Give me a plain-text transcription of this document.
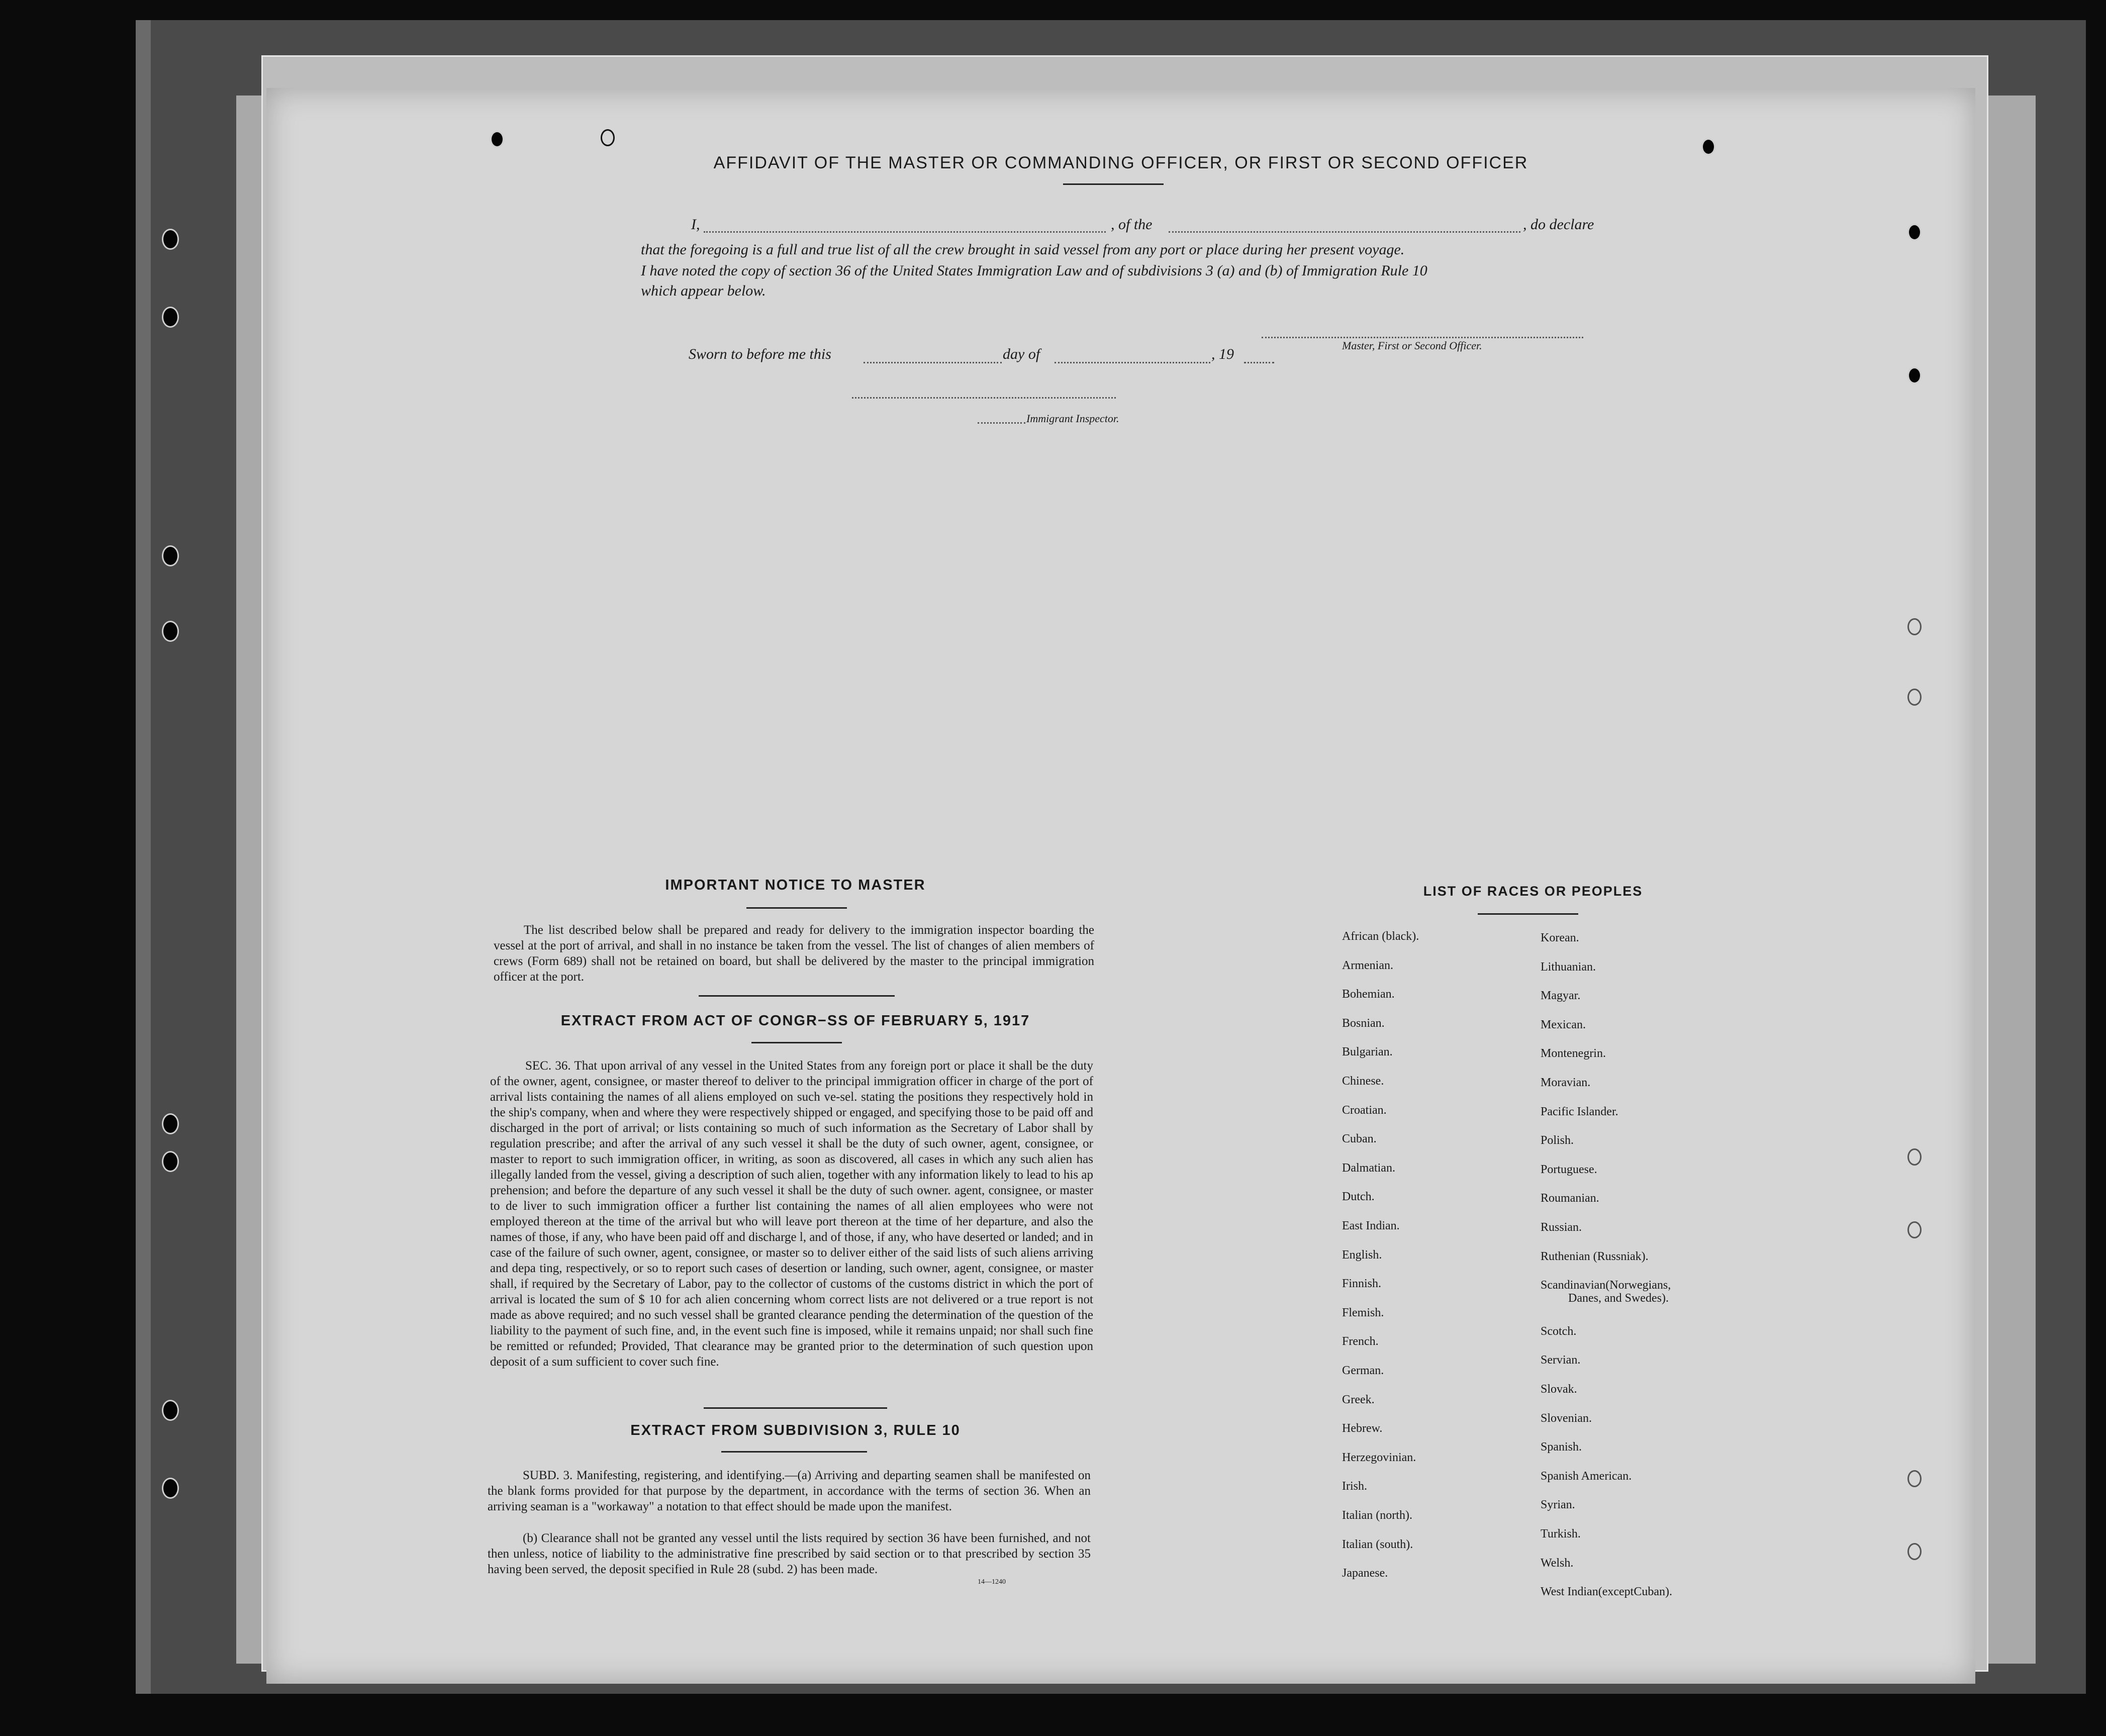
AFFIDAVIT OF THE MASTER OR COMMANDING OFFICER, OR FIRST OR SECOND OFFICER
I,	, of the	, do declare
that the foregoing is a full and true list of all the crew brought in said vessel from any port or place during her present voyage.
I have noted the copy of section 36 of the United States Immigration Law and of subdivisions 3 (a) and (b) of Immigration Rule 10
which appear below.
Master, First or Second Officer.
Sworn to before me this	day of	, 19
Immigrant Inspector.
IMPORTANT NOTICE TO MASTER
The list described below shall be prepared and ready for delivery to the immigration inspector boarding the vessel at the port of arrival, and shall in no instance be taken from the vessel. The list of changes of alien members of crews (Form 689) shall not be retained on board, but shall be delivered by the master to the principal immigration officer at the port.
EXTRACT FROM ACT OF CONGR−SS OF FEBRUARY 5, 1917
SEC. 36. That upon arrival of any vessel in the United States from any foreign port or place it shall be the duty of the owner, agent, consignee, or master thereof to deliver to the principal immigration officer in charge of the port of arrival lists containing the names of all aliens employed on such ve-sel. stating the positions they respectively hold in the ship's company, when and where they were respectively shipped or engaged, and specifying those to be paid off and discharged in the port of arrival; or lists containing so much of such information as the Secretary of Labor shall by regulation prescribe; and after the arrival of any such vessel it shall be the duty of such owner, agent, consignee, or master to report to such immigration officer, in writing, as soon as discovered, all cases in which any such alien has illegally landed from the vessel, giving a description of such alien, together with any information likely to lead to his ap prehension; and before the departure of any such vessel it shall be the duty of such owner. agent, consignee, or master to de liver to such immigration officer a further list containing the names of all alien employees who were not employed thereon at the time of the arrival but who will leave port thereon at the time of her departure, and also the names of those, if any, who have been paid off and discharge l, and of those, if any, who have deserted or landed; and in case of the failure of such owner, agent, consignee, or master so to deliver either of the said lists of such aliens arriving and depa ting, respectively, or so to report such cases of desertion or landing, such owner, agent, consignee, or master shall, if required by the Secretary of Labor, pay to the collector of customs of the customs district in which the port of arrival is located the sum of $ 10 for ach alien concerning whom correct lists are not delivered or a true report is not made as above required; and no such vessel shall be granted clearance pending the determination of the question of the liability to the payment of such fine, and, in the event such fine is imposed, while it remains unpaid; nor shall such fine be remitted or refunded; Provided, That clearance may be granted prior to the determination of such question upon deposit of a sum sufficient to cover such fine.
EXTRACT FROM SUBDIVISION 3, RULE 10
SUBD. 3. Manifesting, registering, and identifying.—(a) Arriving and departing seamen shall be manifested on the blank forms provided for that purpose by the department, in accordance with the terms of section 36. When an arriving seaman is a "workaway" a notation to that effect should be made upon the manifest.
(b) Clearance shall not be granted any vessel until the lists required by section 36 have been furnished, and not then unless, notice of liability to the administrative fine prescribed by said section or to that prescribed by section 35 having been served, the deposit specified in Rule 28 (subd. 2) has been made.
14—1240
LIST OF RACES OR PEOPLES
African (black).
Armenian.
Bohemian.
Bosnian.
Bulgarian.
Chinese.
Croatian.
Cuban.
Dalmatian.
Dutch.
East Indian.
English.
Finnish.
Flemish.
French.
German.
Greek.
Hebrew.
Herzegovinian.
Irish.
Italian (north).
Italian (south).
Japanese.
Korean.
Lithuanian.
Magyar.
Mexican.
Montenegrin.
Moravian.
Pacific Islander.
Polish.
Portuguese.
Roumanian.
Russian.
Ruthenian (Russniak).
Scandinavian(Norwegians,
Danes, and Swedes).
Scotch.
Servian.
Slovak.
Slovenian.
Spanish.
Spanish American.
Syrian.
Turkish.
Welsh.
West Indian(exceptCuban).
